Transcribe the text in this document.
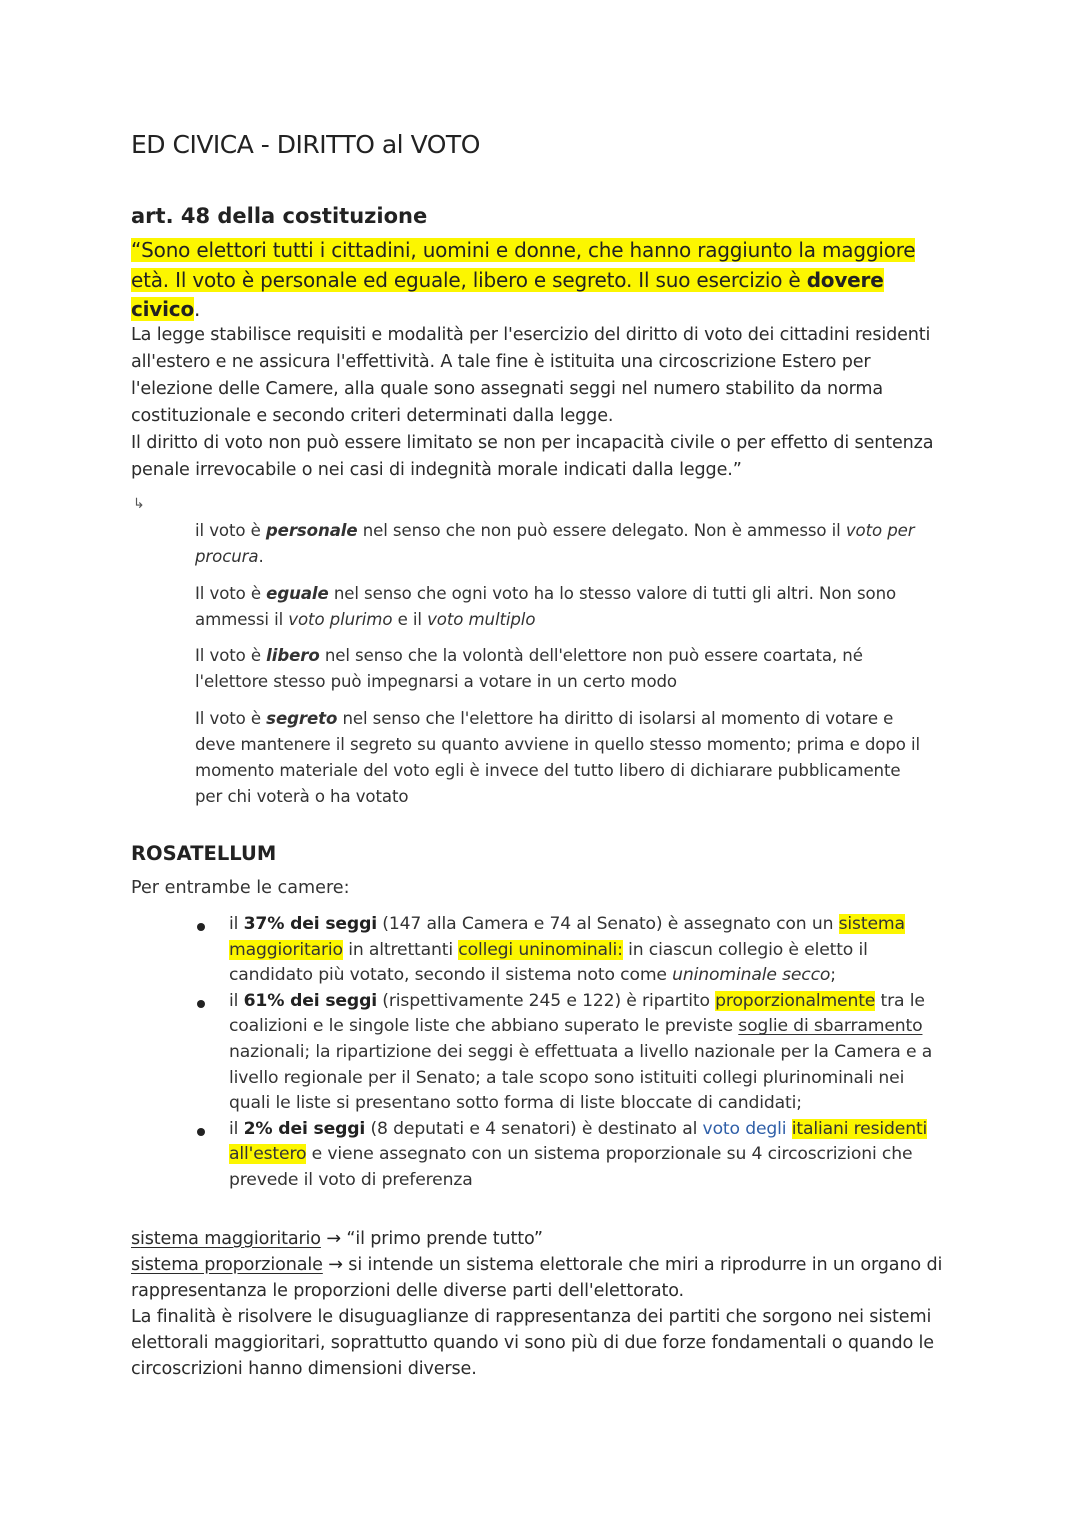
ED CIVICA - DIRITTO al VOTO
art. 48 della costituzione

“Sono elettori tutti i cittadini, uomini e donne, che hanno raggiunto la maggiore età. Il voto è personale ed eguale, libero e segreto. Il suo esercizio è dovere civico.

La legge stabilisce requisiti e modalità per l'esercizio del diritto di voto dei cittadini residenti all'estero e ne assicura l'effettività. A tale fine è istituita una circoscrizione Estero per l'elezione delle Camere, alla quale sono assegnati seggi nel numero stabilito da norma costituzionale e secondo criteri determinati dalla legge.
Il diritto di voto non può essere limitato se non per incapacità civile o per effetto di sentenza penale irrevocabile o nei casi di indegnità morale indicati dalla legge.”

↳

il voto è personale nel senso che non può essere delegato. Non è ammesso il voto per procura.

Il voto è eguale nel senso che ogni voto ha lo stesso valore di tutti gli altri. Non sono ammessi il voto plurimo e il voto multiplo

Il voto è libero nel senso che la volontà dell'elettore non può essere coartata, né l'elettore stesso può impegnarsi a votare in un certo modo

Il voto è segreto nel senso che l'elettore ha diritto di isolarsi al momento di votare e deve mantenere il segreto su quanto avviene in quello stesso momento; prima e dopo il momento materiale del voto egli è invece del tutto libero di dichiarare pubblicamente per chi voterà o ha votato

ROSATELLUM

Per entrambe le camere:

il 37% dei seggi (147 alla Camera e 74 al Senato) è assegnato con un sistema maggioritario in altrettanti collegi uninominali: in ciascun collegio è eletto il candidato più votato, secondo il sistema noto come uninominale secco;
il 61% dei seggi (rispettivamente 245 e 122) è ripartito proporzionalmente tra le coalizioni e le singole liste che abbiano superato le previste soglie di sbarramento nazionali; la ripartizione dei seggi è effettuata a livello nazionale per la Camera e a livello regionale per il Senato; a tale scopo sono istituiti collegi plurinominali nei quali le liste si presentano sotto forma di liste bloccate di candidati;
il 2% dei seggi (8 deputati e 4 senatori) è destinato al voto degli italiani residenti all'estero e viene assegnato con un sistema proporzionale su 4 circoscrizioni che prevede il voto di preferenza

sistema maggioritario → “il primo prende tutto”
sistema proporzionale → si intende un sistema elettorale che miri a riprodurre in un organo di rappresentanza le proporzioni delle diverse parti dell'elettorato.
La finalità è risolvere le disuguaglianze di rappresentanza dei partiti che sorgono nei sistemi elettorali maggioritari, soprattutto quando vi sono più di due forze fondamentali o quando le circoscrizioni hanno dimensioni diverse.
